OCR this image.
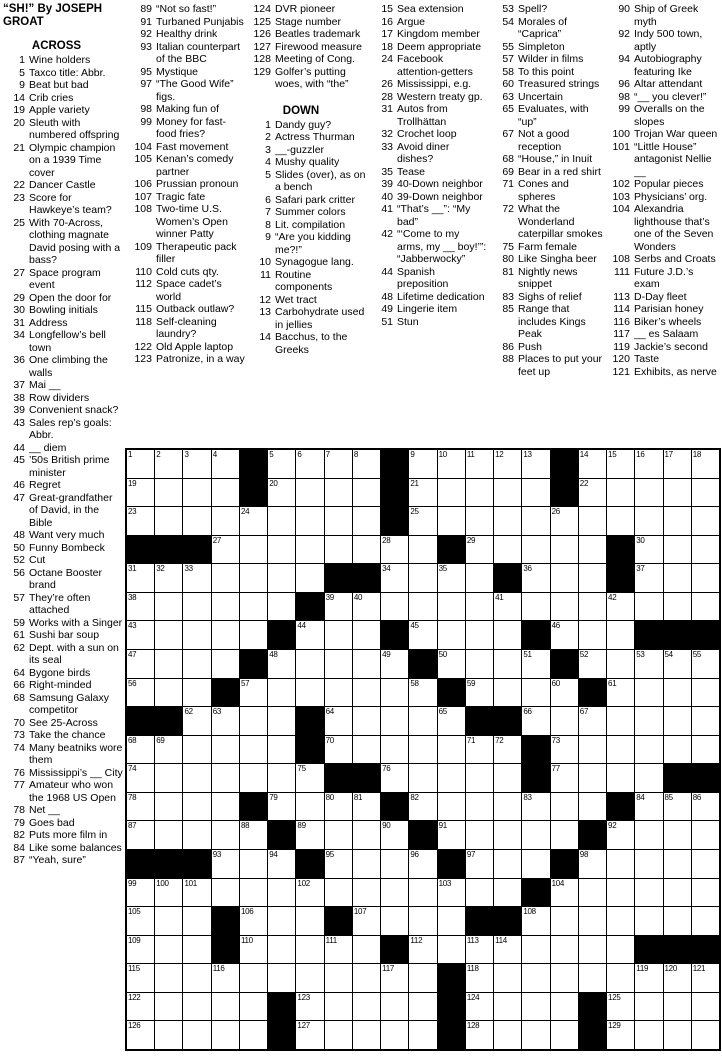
“SH!” By JOSEPH GROAT
ACROSS
1 Wine holders
5 Taxco title: Abbr.
9 Beat but bad
14 Crib cries
19 Apple variety
20 Sleuth with numbered offspring
21 Olympic champion on a 1939 Time cover
22 Dancer Castle
23 Score for Hawkeye’s team?
25 With 70-Across, clothing magnate David posing with a bass?
27 Space program event
29 Open the door for
30 Bowling initials
31 Address
34 Longfellow’s bell town
36 One climbing the walls
37 Mai __
38 Row dividers
39 Convenient snack?
43 Sales rep’s goals: Abbr.
44 __ diem
45 ’50s British prime minister
46 Regret
47 Great-grandfather of David, in the Bible
48 Want very much
50 Funny Bombeck
52 Cut
56 Octane Booster brand
57 They’re often attached
59 Works with a Singer
61 Sushi bar soup
62 Dept. with a sun on its seal
64 Bygone birds
66 Right-minded
68 Samsung Galaxy competitor
70 See 25-Across
73 Take the chance
74 Many beatniks wore them
76 Mississippi’s __ City
77 Amateur who won the 1968 US Open
78 Net __
79 Goes bad
82 Puts more film in
84 Like some balances
87 “Yeah, sure”
89 “Not so fast!”
91 Turbaned Punjabis
92 Healthy drink
93 Italian counterpart of the BBC
95 Mystique
97 “The Good Wife” figs.
98 Making fun of
99 Money for fast-food fries?
104 Fast movement
105 Kenan’s comedy partner
106 Prussian pronoun
107 Tragic fate
108 Two-time U.S. Women’s Open winner Patty
109 Therapeutic pack filler
110 Cold cuts qty.
112 Space cadet’s world
115 Outback outlaw?
118 Self-cleaning laundry?
122 Old Apple laptop
123 Patronize, in a way
124 DVR pioneer
125 Stage number
126 Beatles trademark
127 Firewood measure
128 Meeting of Cong.
129 Golfer’s putting woes, with “the”
DOWN
1 Dandy guy?
2 Actress Thurman
3 __-guzzler
4 Mushy quality
5 Slides (over), as on a bench
6 Safari park critter
7 Summer colors
8 Lit. compilation
9 “Are you kidding me?!”
10 Synagogue lang.
11 Routine components
12 Wet tract
13 Carbohydrate used in jellies
14 Bacchus, to the Greeks
15 Sea extension
16 Argue
17 Kingdom member
18 Deem appropriate
24 Facebook attention-getters
26 Mississippi, e.g.
28 Western treaty gp.
31 Autos from Trollhättan
32 Crochet loop
33 Avoid diner dishes?
35 Tease
39 40-Down neighbor
40 39-Down neighbor
41 “That’s __”: “My bad”
42 “‘Come to my arms, my __ boy!’”: “Jabberwocky”
44 Spanish preposition
48 Lifetime dedication
49 Lingerie item
51 Stun
53 Spell?
54 Morales of “Caprica”
55 Simpleton
57 Wilder in films
58 To this point
60 Treasured strings
63 Uncertain
65 Evaluates, with “up”
67 Not a good reception
68 “House,” in Inuit
69 Bear in a red shirt
71 Cones and spheres
72 What the Wonderland caterpillar smokes
75 Farm female
80 Like Singha beer
81 Nightly news snippet
83 Sighs of relief
85 Range that includes Kings Peak
86 Push
88 Places to put your feet up
90 Ship of Greek myth
92 Indy 500 town, aptly
94 Autobiography featuring Ike
96 Altar attendant
98 “__ you clever!”
99 Overalls on the slopes
100 Trojan War queen
101 “Little House” antagonist Nellie __
102 Popular pieces
103 Physicians’ org.
104 Alexandria lighthouse that’s one of the Seven Wonders
108 Serbs and Croats
111 Future J.D.’s exam
113 D-Day fleet
114 Parisian honey
116 Biker’s wheels
117 __ es Salaam
119 Jackie’s second
120 Taste
121 Exhibits, as nerve
1	2	3	4	5	6	7	8	9	10 11	12 13	14 15 16 17 18
19	20	21	22
23	24	25	26
27	28	29	30
31 32 33	34	35	36	37
38	39 40	41	42
43	44	45	46
47	48	49	50	51	52	53 54 55
56	57	58	59	60	61
62 63	64	65	66	67
68 69	70	71 72	73
74	75	76	77
78	79	80 81	82	83	84 85 86
87	88	89	90	91	92
93	94	95	96	97	98
99 100 101	102	103	104
105	106	107	108
109	110	111	112	113 114
115	116	117	118	119 120 121
122	123	124	125
126	127	128	129
